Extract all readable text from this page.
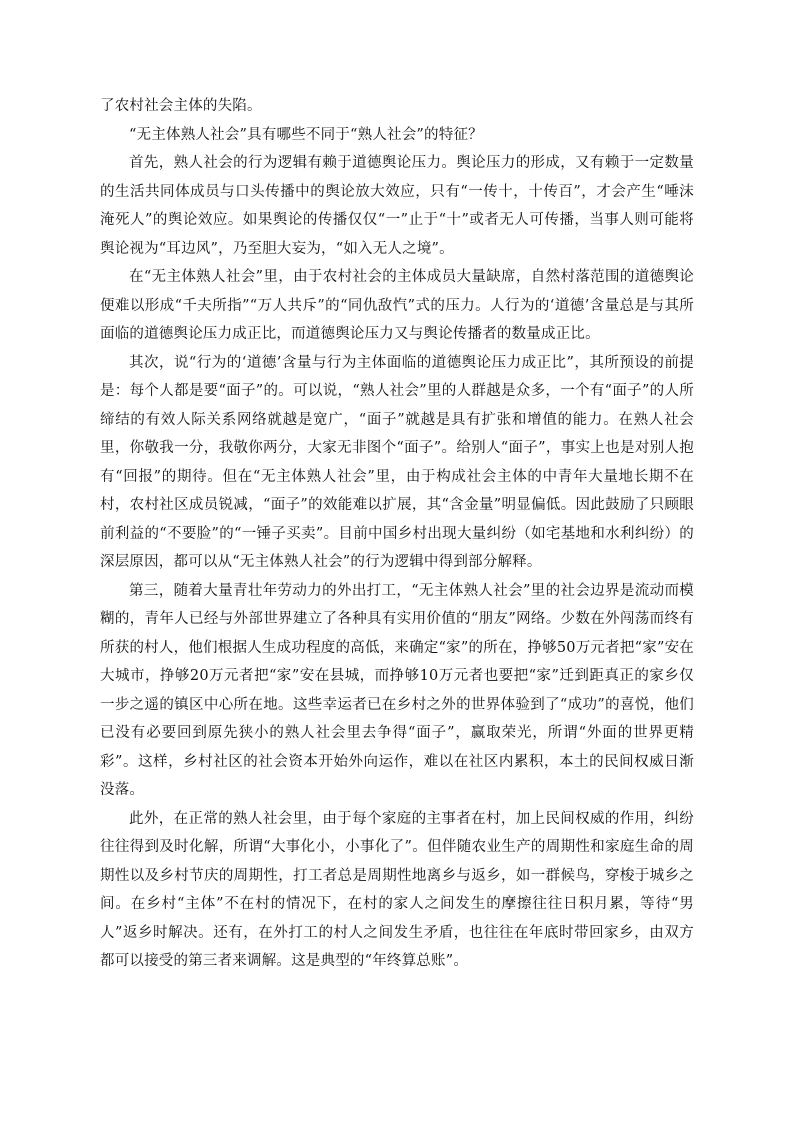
了农村社会主体的失陷。

“无主体熟人社会”具有哪些不同于“熟人社会”的特征？

首先，熟人社会的行为逻辑有赖于道德舆论压力。舆论压力的形成，又有赖于一定数量的生活共同体成员与口头传播中的舆论放大效应，只有“一传十，十传百”，才会产生“唾沫淹死人”的舆论效应。如果舆论的传播仅仅“一”止于“十”或者无人可传播，当事人则可能将舆论视为“耳边风”，乃至胆大妄为，“如入无人之境”。

在“无主体熟人社会”里，由于农村社会的主体成员大量缺席，自然村落范围的道德舆论便难以形成“千夫所指”“万人共斥”的“同仇敌忾”式的压力。人行为的‘道德’含量总是与其所面临的道德舆论压力成正比，而道德舆论压力又与舆论传播者的数量成正比。

其次，说“行为的‘道德’含量与行为主体面临的道德舆论压力成正比”，其所预设的前提是：每个人都是要“面子”的。可以说，“熟人社会”里的人群越是众多，一个有“面子”的人所缔结的有效人际关系网络就越是宽广，“面子”就越是具有扩张和增值的能力。在熟人社会里，你敬我一分，我敬你两分，大家无非图个“面子”。给别人“面子”，事实上也是对别人抱有“回报”的期待。但在“无主体熟人社会”里，由于构成社会主体的中青年大量地长期不在村，农村社区成员锐减，“面子”的效能难以扩展，其“含金量”明显偏低。因此鼓励了只顾眼前利益的“不要脸”的“一锤子买卖”。目前中国乡村出现大量纠纷（如宅基地和水利纠纷）的深层原因，都可以从“无主体熟人社会”的行为逻辑中得到部分解释。

第三，随着大量青壮年劳动力的外出打工，“无主体熟人社会”里的社会边界是流动而模糊的，青年人已经与外部世界建立了各种具有实用价值的“朋友”网络。少数在外闯荡而终有所获的村人，他们根据人生成功程度的高低，来确定“家”的所在，挣够50万元者把“家”安在大城市，挣够20万元者把“家”安在县城，而挣够10万元者也要把“家”迁到距真正的家乡仅一步之遥的镇区中心所在地。这些幸运者已在乡村之外的世界体验到了“成功”的喜悦，他们已没有必要回到原先狭小的熟人社会里去争得“面子”，赢取荣光，所谓“外面的世界更精彩”。这样，乡村社区的社会资本开始外向运作，难以在社区内累积，本土的民间权威日渐没落。

此外，在正常的熟人社会里，由于每个家庭的主事者在村，加上民间权威的作用，纠纷往往得到及时化解，所谓“大事化小，小事化了”。但伴随农业生产的周期性和家庭生命的周期性以及乡村节庆的周期性，打工者总是周期性地离乡与返乡，如一群候鸟，穿梭于城乡之间。在乡村“主体”不在村的情况下，在村的家人之间发生的摩擦往往日积月累，等待“男人”返乡时解决。还有，在外打工的村人之间发生矛盾，也往往在年底时带回家乡，由双方都可以接受的第三者来调解。这是典型的“年终算总账”。
